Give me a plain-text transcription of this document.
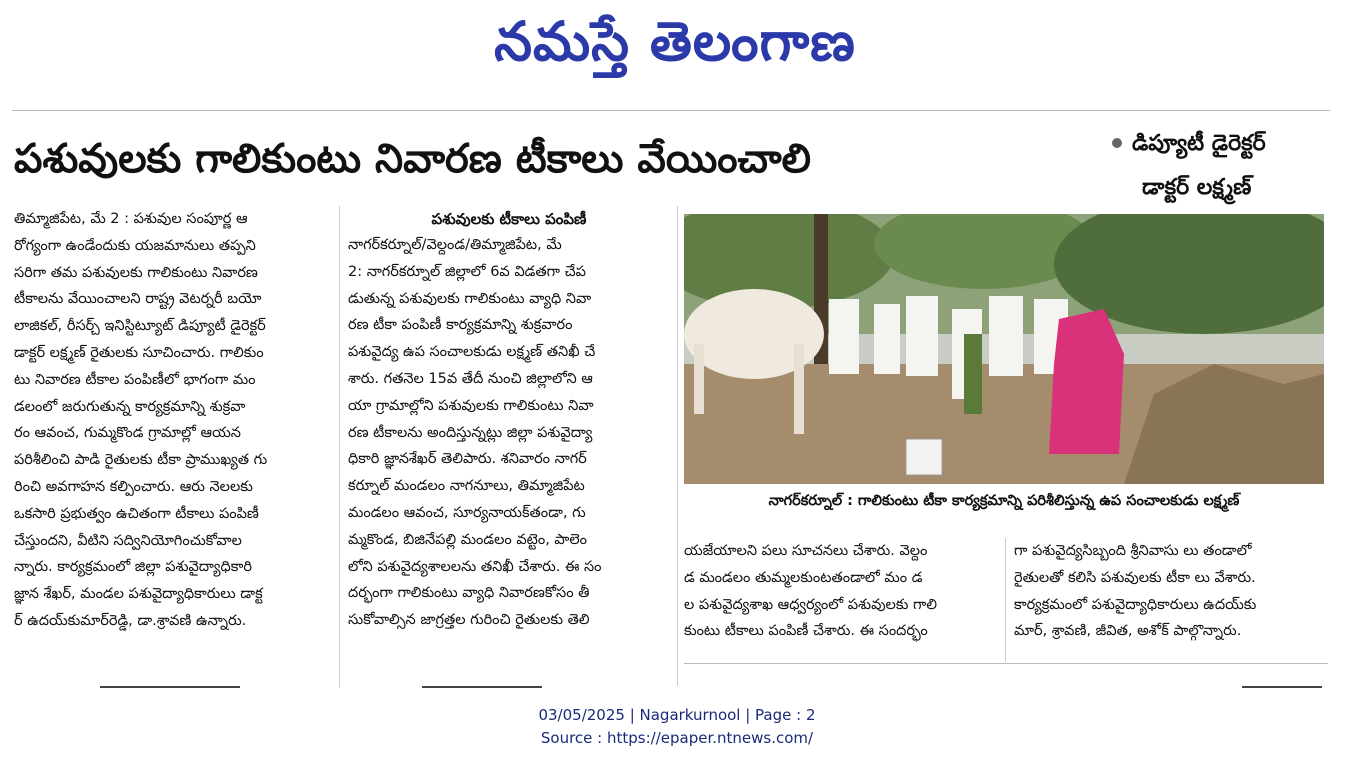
నమస్తే తెలంగాణ
పశువులకు గాలికుంటు నివారణ టీకాలు వేయించాలి	డిప్యూటీ డైరెక్టర్
డాక్టర్ లక్ష్మణ్
తిమ్మాజిపేట, మే 2 : పశువుల సంపూర్ణ ఆ
రోగ్యంగా ఉండేందుకు యజమానులు తప్పని
సరిగా తమ పశువులకు గాలికుంటు నివారణ
టీకాలను వేయించాలని రాష్ట్ర వెటర్నరీ బయో
లాజికల్, రీసర్చ్ ఇనిస్టిట్యూట్ డిప్యూటీ డైరెక్టర్
డాక్టర్ లక్ష్మణ్ రైతులకు సూచించారు. గాలికుం
టు నివారణ టీకాల పంపిణీలో భాగంగా మం
డలంలో జరుగుతున్న కార్యక్రమాన్ని శుక్రవా
రం ఆవంచ, గుమ్మకొండ గ్రామాల్లో ఆయన
పరిశీలించి పాడి రైతులకు టీకా ప్రాముఖ్యత గు
రించి అవగాహన కల్పించారు. ఆరు నెలలకు
ఒకసారి ప్రభుత్వం ఉచితంగా టీకాలు పంపిణీ
చేస్తుందని, వీటిని సద్వినియోగించుకోవాల
న్నారు. కార్యక్రమంలో జిల్లా పశువైద్యాధికారి
జ్ఞాన శేఖర్, మండల పశువైద్యాధికారులు డాక్ట
ర్ ఉదయ్‌కుమార్‌రెడ్డి, డా.శ్రావణి ఉన్నారు.
పశువులకు టీకాలు పంపిణీ
నాగర్‌కర్నూల్/వెల్దండ/తిమ్మాజిపేట, మే
2: నాగర్‌కర్నూల్ జిల్లాలో 6వ విడతగా చేప
డుతున్న పశువులకు గాలికుంటు వ్యాధి నివా
రణ టీకా పంపిణీ కార్యక్రమాన్ని శుక్రవారం
పశువైద్య ఉప సంచాలకుడు లక్ష్మణ్ తనిఖీ చే
శారు. గతనెల 15వ తేదీ నుంచి జిల్లాలోని ఆ
యా గ్రామాల్లోని పశువులకు గాలికుంటు నివా
రణ టీకాలను అందిస్తున్నట్లు జిల్లా పశువైద్యా
ధికారి జ్ఞానశేఖర్ తెలిపారు. శనివారం నాగర్
కర్నూల్ మండలం నాగనూలు, తిమ్మాజిపేట
మండలం ఆవంచ, సూర్యనాయక్‌తండా, గు
మ్మకొండ, బిజినేపల్లి మండలం వట్టెం, పాలెం
లోని పశువైద్యశాలలను తనిఖీ చేశారు. ఈ సం
దర్భంగా గాలికుంటు వ్యాధి నివారణకోసం తీ
సుకోవాల్సిన జాగ్రత్తల గురించి రైతులకు తెలి
నాగర్‌కర్నూల్ : గాలికుంటు టీకా కార్యక్రమాన్ని పరిశీలిస్తున్న ఉప సంచాలకుడు లక్ష్మణ్
యజేయాలని పలు సూచనలు చేశారు. వెల్దం
డ మండలం తుమ్మలకుంటతండాలో మం డ
ల పశువైద్యశాఖ ఆధ్వర్యంలో పశువులకు గాలి
కుంటు టీకాలు పంపిణీ చేశారు. ఈ సందర్భం
గా పశువైద్యసిబ్బంది శ్రీనివాసు లు తండాలో
రైతులతో కలిసి పశువులకు టీకా లు వేశారు.
కార్యక్రమంలో పశువైద్యాధికారులు ఉదయ్‌కు
మార్, శ్రావణి, జీవిత, అశోక్ పాల్గొన్నారు.
03/05/2025 | Nagarkurnool | Page : 2
Source : https://epaper.ntnews.com/
